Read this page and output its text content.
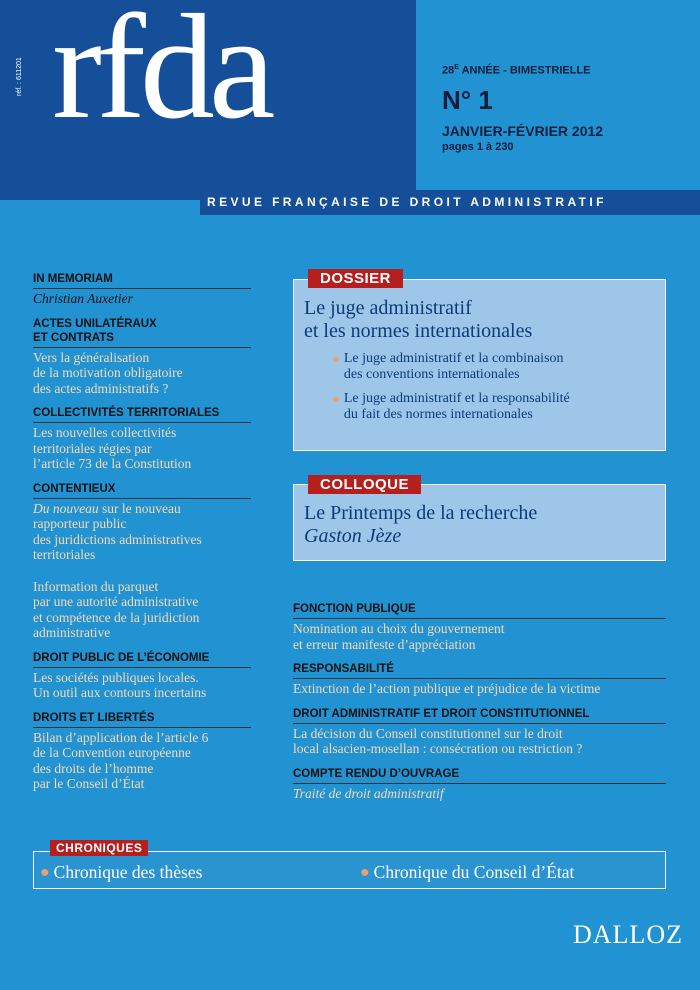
réf. : 611201 rfda	$28^E$ ANNÉE - BIMESTRIELLE
N° 1
JANVIER-FÉVRIER 2012
pages 1 à 230
REVUE FRANÇAISE DE DROIT ADMINISTRATIF
IN MEMORIAM
Christian Auxetier
ACTES UNILATÉRAUX
ET CONTRATS
Vers la généralisation
de la motivation obligatoire
des actes administratifs ?
COLLECTIVITÉS TERRITORIALES
Les nouvelles collectivités
territoriales régies par
l’article 73 de la Constitution
CONTENTIEUX
Du nouveau sur le nouveau
rapporteur public
des juridictions administratives
territoriales
Information du parquet
par une autorité administrative
et compétence de la juridiction
administrative
DROIT PUBLIC DE L’ÉCONOMIE
Les sociétés publiques locales.
Un outil aux contours incertains
DROITS ET LIBERTÉS
Bilan d’application de l’article 6
de la Convention européenne
des droits de l’homme
par le Conseil d’État
Le juge administratif
et les normes internationales
● Le juge administratif et la combinaison
des conventions internationales
● Le juge administratif et la responsabilité
du fait des normes internationales
DOSSIER
Le Printemps de la recherche
Gaston Jèze
COLLOQUE
FONCTION PUBLIQUE
Nomination au choix du gouvernement
et erreur manifeste d’appréciation
RESPONSABILITÉ
Extinction de l’action publique et préjudice de la victime
DROIT ADMINISTRATIF ET DROIT CONSTITUTIONNEL
La décision du Conseil constitutionnel sur le droit
local alsacien-mosellan : consécration ou restriction ?
COMPTE RENDU D’OUVRAGE
Traité de droit administratif
CHRONIQUES
● Chronique des thèses	● Chronique du Conseil d’État
DALLOZ
